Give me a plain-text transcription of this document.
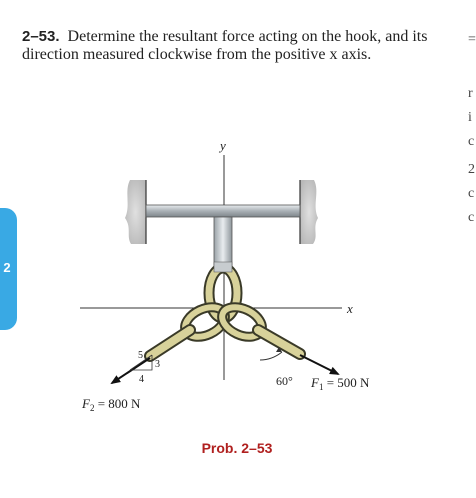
2–53. Determine the resultant force acting on the hook, and its direction measured clockwise from the positive x axis.
2
=
r
i
c
2
c
c
y
x
5
3
4	60° $F_1 = 500$ N
$F_2 = 800$ N
Prob. 2–53
